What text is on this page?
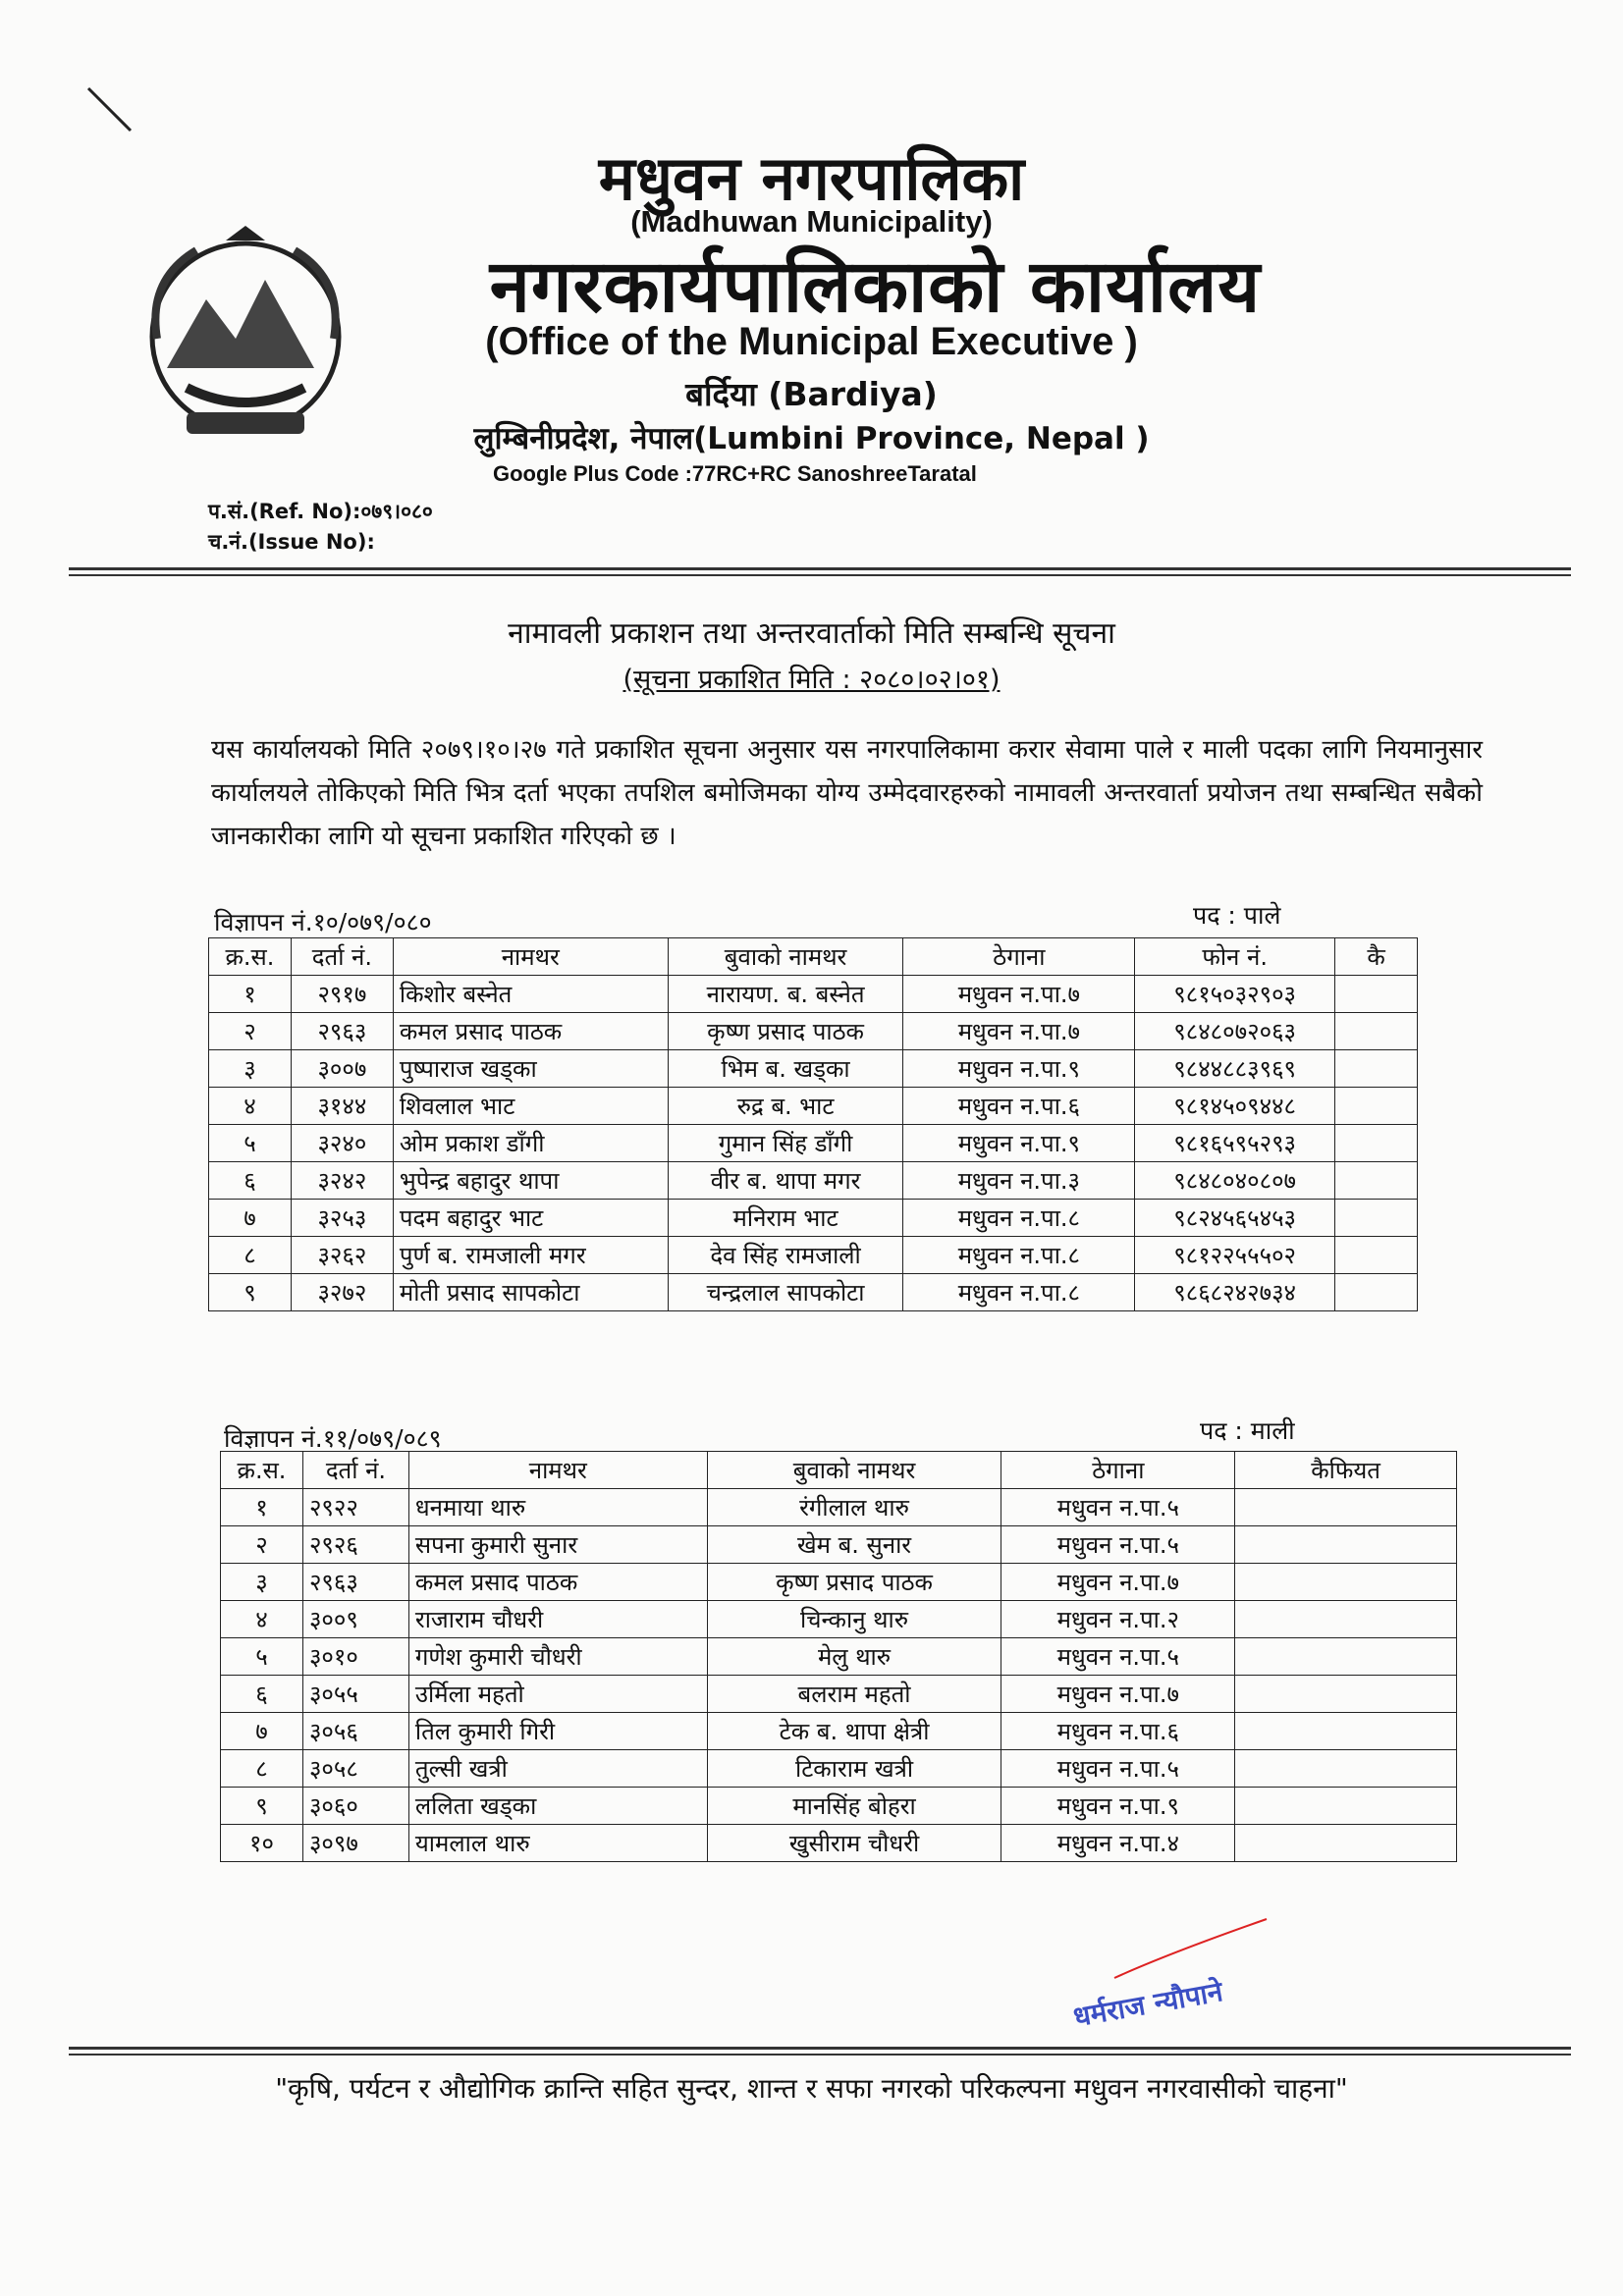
मधुवन नगरपालिका
(Madhuwan Municipality)
नगरकार्यपालिकाको कार्यालय
(Office of the Municipal Executive )
बर्दिया (Bardiya)
लुम्बिनीप्रदेश, नेपाल(Lumbini Province, Nepal )
Google Plus Code :77RC+RC SanoshreeTaratal
प.सं.(Ref. No):०७९।०८०
च.नं.(Issue No):
नामावली प्रकाशन तथा अन्तरवार्ताको मिति सम्बन्धि सूचना
(सूचना प्रकाशित मिति : २०८०।०२।०१)
यस कार्यालयको मिति २०७९।१०।२७ गते प्रकाशित सूचना अनुसार यस नगरपालिकामा करार सेवामा पाले र माली पदका लागि नियमानुसार कार्यालयले तोकिएको मिति भित्र दर्ता भएका तपशिल बमोजिमका योग्य उम्मेदवारहरुको नामावली अन्तरवार्ता प्रयोजन तथा सम्बन्धित सबैको जानकारीका लागि यो सूचना प्रकाशित गरिएको छ ।
विज्ञापन नं.१०/०७९/०८०	पद : पाले
क्र.स.	दर्ता नं.	नामथर	बुवाको नामथर	ठेगाना	फोन नं.	कै
१	२९१७	किशोर बस्नेत	नारायण. ब. बस्नेत	मधुवन न.पा.७	९८१५०३२९०३	
२	२९६३	कमल प्रसाद पाठक	कृष्ण प्रसाद पाठक	मधुवन न.पा.७	९८४८०७२०६३	
३	३००७	पुष्पाराज खड्का	भिम ब. खड्का	मधुवन न.पा.९	९८४४८८३९६९	
४	३१४४	शिवलाल भाट	रुद्र ब. भाट	मधुवन न.पा.६	९८१४५०९४४८	
५	३२४०	ओम प्रकाश डाँगी	गुमान सिंह डाँगी	मधुवन न.पा.९	९८१६५९५२९३	
६	३२४२	भुपेन्द्र बहादुर थापा	वीर ब. थापा मगर	मधुवन न.पा.३	९८४८०४०८०७	
७	३२५३	पदम बहादुर भाट	मनिराम भाट	मधुवन न.पा.८	९८२४५६५४५३	
८	३२६२	पुर्ण ब. रामजाली मगर	देव सिंह रामजाली	मधुवन न.पा.८	९८१२२५५५०२	
९	३२७२	मोती प्रसाद सापकोटा	चन्द्रलाल सापकोटा	मधुवन न.पा.८	९८६८२४२७३४	
विज्ञापन नं.११/०७९/०८९	पद : माली
क्र.स.	दर्ता नं.	नामथर	बुवाको नामथर	ठेगाना	कैफियत
१	२९२२	धनमाया थारु	रंगीलाल थारु	मधुवन न.पा.५	
२	२९२६	सपना कुमारी सुनार	खेम ब. सुनार	मधुवन न.पा.५	
३	२९६३	कमल प्रसाद पाठक	कृष्ण प्रसाद पाठक	मधुवन न.पा.७	
४	३००९	राजाराम चौधरी	चिन्कानु थारु	मधुवन न.पा.२	
५	३०१०	गणेश कुमारी चौधरी	मेलु थारु	मधुवन न.पा.५	
६	३०५५	उर्मिला महतो	बलराम महतो	मधुवन न.पा.७	
७	३०५६	तिल कुमारी गिरी	टेक ब. थापा क्षेत्री	मधुवन न.पा.६	
८	३०५८	तुल्सी खत्री	टिकाराम खत्री	मधुवन न.पा.५	
९	३०६०	ललिता खड्का	मानसिंह बोहरा	मधुवन न.पा.९	
१०	३०९७	यामलाल थारु	खुसीराम चौधरी	मधुवन न.पा.४	
धर्मराज न्यौपाने
"कृषि, पर्यटन र औद्योगिक क्रान्ति सहित सुन्दर, शान्त र सफा नगरको परिकल्पना मधुवन नगरवासीको चाहना"
